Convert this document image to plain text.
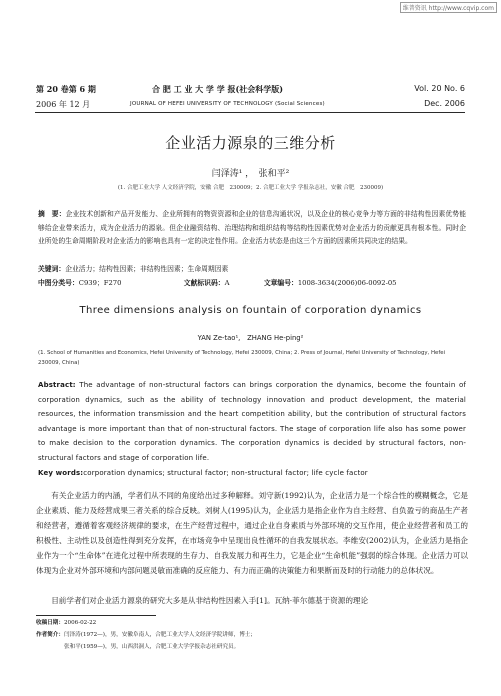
维普资讯 http://www.cqvip.com
第 20 卷第 6 期	合 肥 工 业 大 学 学 报(社会科学版)	Vol. 20 No. 6
2006 年 12 月	JOURNAL OF HEFEI UNIVERSITY OF TECHNOLOGY (Social Sciences)	Dec. 2006
企业活力源泉的三维分析
闫泽涛¹ ，　张和平²
(1. 合肥工业大学 人文经济学院，安徽 合肥　230009；2. 合肥工业大学 学报杂志社，安徽 合肥　230009)
摘　要：企业技术创新和产品开发能力、企业所拥有的物资资源和企业的信息沟通状况，以及企业的核心竞争力等方面的非结构性因素优势能够给企业带来活力，成为企业活力的源泉。但企业融资结构、治理结构和组织结构等结构性因素优势对企业活力的贡献更具有根本性。同时企业所处的生命周期阶段对企业活力的影响也具有一定的决定性作用。企业活力状态是由这三个方面的因素所共同决定的结果。
关键词：企业活力；结构性因素；非结构性因素；生命周期因素
中图分类号：C939；F270	文献标识码：A	文章编号：1008-3634(2006)06-0092-05
Three dimensions analysis on fountain of corporation dynamics
YAN Ze-tao¹,　ZHANG He-ping²
(1. School of Humanities and Economics, Hefei University of Technology, Hefei 230009, China; 2. Press of Journal, Hefei University of Technology, Hefei 230009, China)
Abstract: The advantage of non-structural factors can brings corporation the dynamics, become the fountain of corporation dynamics, such as the ability of technology innovation and product development, the material resources, the information transmission and the heart competition ability, but the contribution of structural factors advantage is more important than that of non-structural factors. The stage of corporation life also has some power to make decision to the corporation dynamics. The corporation dynamics is decided by structural factors, non-structural factors and stage of corporation life.
Key words:corporation dynamics; structural factor; non-structural factor; life cycle factor
有关企业活力的内涵，学者们从不同的角度给出过多种解释。刘守新(1992)认为，企业活力是一个综合性的模糊概念，它是企业素质、能力及经营成果三者关系的综合反映。刘树人(1995)认为，企业活力是指企业作为自主经营、自负盈亏的商品生产者和经营者，遵循着客观经济规律的要求，在生产经营过程中，通过企业自身素质与外部环境的交互作用，使企业经营者和员工的积极性、主动性以及创造性得到充分发挥，在市场竞争中呈现出良性循环的自我发展状态。李维安(2002)认为，企业活力是指企业作为一个“生命体”在进化过程中所表现的生存力、自我发展力和再生力，它是企业“生命机能”强弱的综合体现。企业活力可以体现为企业对外部环境和内部问题灵敏而准确的反应能力、有力而正确的决策能力和果断而及时的行动能力的总体状况。
目前学者们对企业活力源泉的研究大多是从非结构性因素入手[1]。瓦纳·菲尔德基于资源的理论
收稿日期：2006-02-22
作者简介：闫泽涛(1972—)，男，安徽阜南人，合肥工业大学人文经济学院讲师，博士；
张和平(1959—)，男，山西洪洞人，合肥工业大学学报杂志社研究员。
